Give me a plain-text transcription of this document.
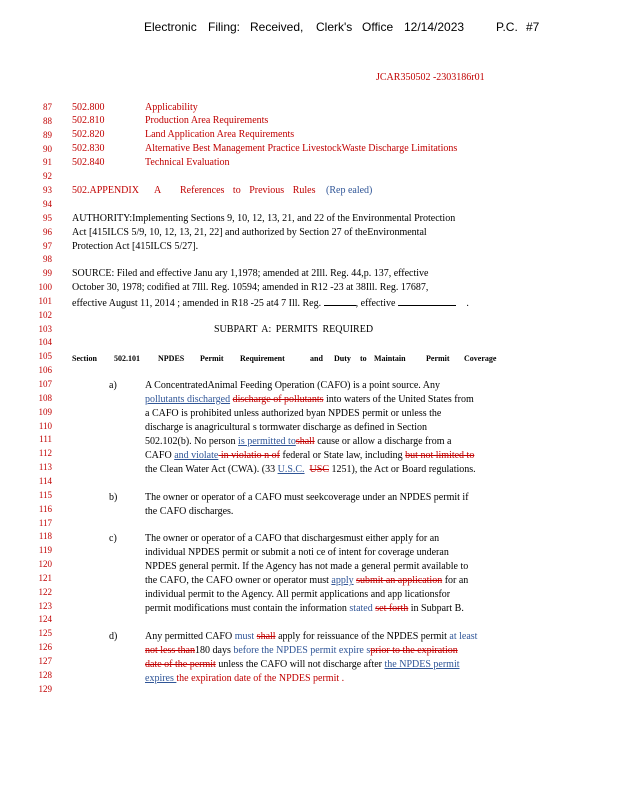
Electronic Filing: Received, Clerk's Office 12/14/2023	P.C. #7
JCAR350502 -2303186r01
87
88
89
90
91
92
93
94
95
96
97
98
99
100
101
102
103
104
105
106
107
108
109
110
111
112
113
114
115
116
117
118
119
120
121
122
123
124
125
126
127
128
129
502.800	Applicability
502.810	Production Area Requirements
502.820	Land Application Area Requirements
502.830	Alternative Best Management Practice LivestockWaste Discharge Limitations
502.840	Technical Evaluation
502.APPENDIX A References to Previous Rules (Rep ealed)
AUTHORITY:Implementing Sections 9, 10, 12, 13, 21, and 22 of the Environmental Protection
Act [415ILCS 5/9, 10, 12, 13, 21, 22] and authorized by Section 27 of theEnvironmental
Protection Act [415ILCS 5/27].
SOURCE: Filed and effective Janu ary 1,1978; amended at 2Ill. Reg. 44,p. 137, effective
October 30, 1978; codified at 7Ill. Reg. 10594; amended in R12 -23 at 38Ill. Reg. 17687,
effective August 11, 2014 ; amended in R18 -25 at4 7 Ill. Reg.	, effective	.
SUBPART A: PERMITS REQUIRED
Section 502.101 NPDES Permit Requirement	and Duty to Maintain	Permit Coverage
a)	A ConcentratedAnimal Feeding Operation (CAFO) is a point source. Any
pollutants discharged discharge of pollutants into waters of the United States from
a CAFO is prohibited unless authorized byan NPDES permit or unless the
discharge is anagricultural s tormwater discharge as defined in Section
502.102(b). No person is permitted toshall cause or allow a discharge from a
CAFO and violate in violatio n of federal or State law, including but not limited to
the Clean Water Act (CWA). (33 U.S.C. USC 1251), the Act or Board regulations.
b)	The owner or operator of a CAFO must seekcoverage under an NPDES permit if
the CAFO discharges.
c)	The owner or operator of a CAFO that dischargesmust either apply for an
individual NPDES permit or submit a noti ce of intent for coverage underan
NPDES general permit. If the Agency has not made a general permit available to
the CAFO, the CAFO owner or operator must apply submit an application for an
individual permit to the Agency. All permit applications and app licationsfor
permit modifications must contain the information stated set forth in Subpart B.
d)	Any permitted CAFO must shall apply for reissuance of the NPDES permit at least
not less than180 days before the NPDES permit expire sprior to the expiration
date of the permit unless the CAFO will not discharge after the NPDES permit
expires the expiration date of the NPDES permit .
